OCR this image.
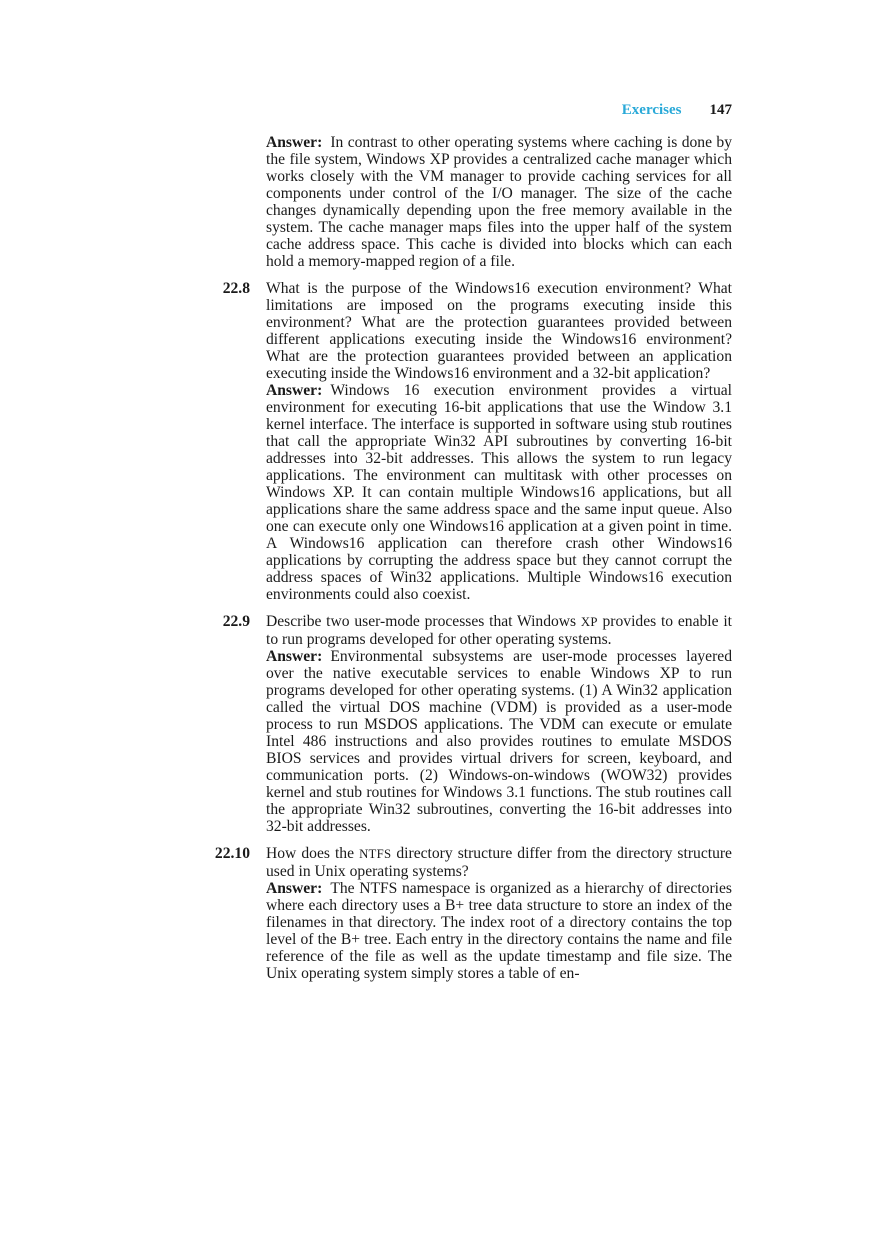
Exercises 147

Answer: In contrast to other operating systems where caching is done by the file system, Windows XP provides a centralized cache manager which works closely with the VM manager to provide caching services for all components under control of the I/O manager. The size of the cache changes dynamically depending upon the free memory available in the system. The cache manager maps files into the upper half of the system cache address space. This cache is divided into blocks which can each hold a memory-mapped region of a file.

22.8 What is the purpose of the Windows16 execution environment? What limitations are imposed on the programs executing inside this environment? What are the protection guarantees provided between different applications executing inside the Windows16 environment? What are the protection guarantees provided between an application executing inside the Windows16 environment and a 32-bit application?

Answer: Windows 16 execution environment provides a virtual environment for executing 16-bit applications that use the Window 3.1 kernel interface. The interface is supported in software using stub routines that call the appropriate Win32 API subroutines by converting 16-bit addresses into 32-bit addresses. This allows the system to run legacy applications. The environment can multitask with other processes on Windows XP. It can contain multiple Windows16 applications, but all applications share the same address space and the same input queue. Also one can execute only one Windows16 application at a given point in time. A Windows16 application can therefore crash other Windows16 applications by corrupting the address space but they cannot corrupt the address spaces of Win32 applications. Multiple Windows16 execution environments could also coexist.

22.9 Describe two user-mode processes that Windows XP provides to enable it to run programs developed for other operating systems.

Answer: Environmental subsystems are user-mode processes layered over the native executable services to enable Windows XP to run programs developed for other operating systems. (1) A Win32 application called the virtual DOS machine (VDM) is provided as a user-mode process to run MSDOS applications. The VDM can execute or emulate Intel 486 instructions and also provides routines to emulate MSDOS BIOS services and provides virtual drivers for screen, keyboard, and communication ports. (2) Windows-on-windows (WOW32) provides kernel and stub routines for Windows 3.1 functions. The stub routines call the appropriate Win32 subroutines, converting the 16-bit addresses into 32-bit addresses.

22.10 How does the NTFS directory structure differ from the directory structure used in Unix operating systems?

Answer: The NTFS namespace is organized as a hierarchy of directories where each directory uses a B+ tree data structure to store an index of the filenames in that directory. The index root of a directory contains the top level of the B+ tree. Each entry in the directory contains the name and file reference of the file as well as the update timestamp and file size. The Unix operating system simply stores a table of en-
